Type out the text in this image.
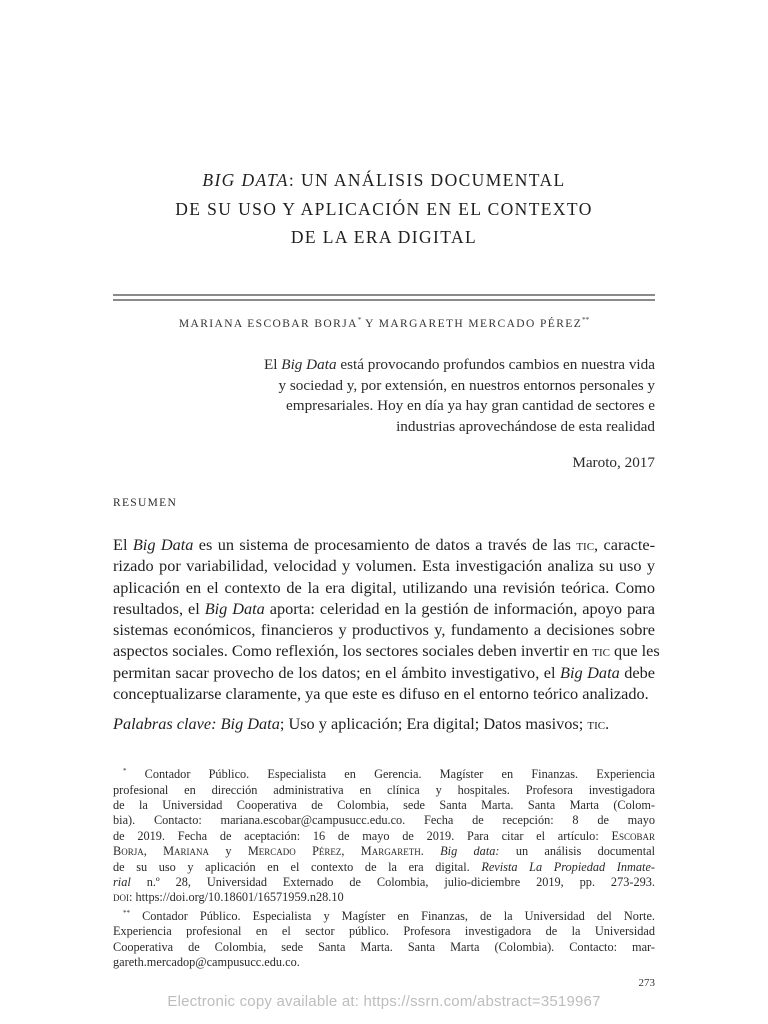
BIG DATA: UN ANÁLISIS DOCUMENTAL
DE SU USO Y APLICACIÓN EN EL CONTEXTO
DE LA ERA DIGITAL
MARIANA ESCOBAR BORJA* Y MARGARETH MERCADO PÉREZ**
El Big Data está provocando profundos cambios en nuestra vida
y sociedad y, por extensión, en nuestros entornos personales y
empresariales. Hoy en día ya hay gran cantidad de sectores e
industrias aprovechándose de esta realidad
Maroto, 2017
RESUMEN
El Big Data es un sistema de procesamiento de datos a través de las tic, caracte-
rizado por variabilidad, velocidad y volumen. Esta investigación analiza su uso y
aplicación en el contexto de la era digital, utilizando una revisión teórica. Como
resultados, el Big Data aporta: celeridad en la gestión de información, apoyo para
sistemas económicos, financieros y productivos y, fundamento a decisiones sobre
aspectos sociales. Como reflexión, los sectores sociales deben invertir en tic que les
permitan sacar provecho de los datos; en el ámbito investigativo, el Big Data debe
conceptualizarse claramente, ya que este es difuso en el entorno teórico analizado.
Palabras clave: Big Data; Uso y aplicación; Era digital; Datos masivos; tic.
* Contador Público. Especialista en Gerencia. Magíster en Finanzas. Experiencia
profesional en dirección administrativa en clínica y hospitales. Profesora investigadora
de la Universidad Cooperativa de Colombia, sede Santa Marta. Santa Marta (Colom-
bia). Contacto: mariana.escobar@campusucc.edu.co. Fecha de recepción: 8 de mayo
de 2019. Fecha de aceptación: 16 de mayo de 2019. Para citar el artículo: Escobar
Borja, Mariana y Mercado Pérez, Margareth. Big data: un análisis documental
de su uso y aplicación en el contexto de la era digital. Revista La Propiedad Inmate-
rial n.º 28, Universidad Externado de Colombia, julio-diciembre 2019, pp. 273-293.
doi: https://doi.org/10.18601/16571959.n28.10
** Contador Público. Especialista y Magíster en Finanzas, de la Universidad del Norte.
Experiencia profesional en el sector público. Profesora investigadora de la Universidad
Cooperativa de Colombia, sede Santa Marta. Santa Marta (Colombia). Contacto: mar-
gareth.mercadop@campusucc.edu.co.
273
Electronic copy available at: https://ssrn.com/abstract=3519967
